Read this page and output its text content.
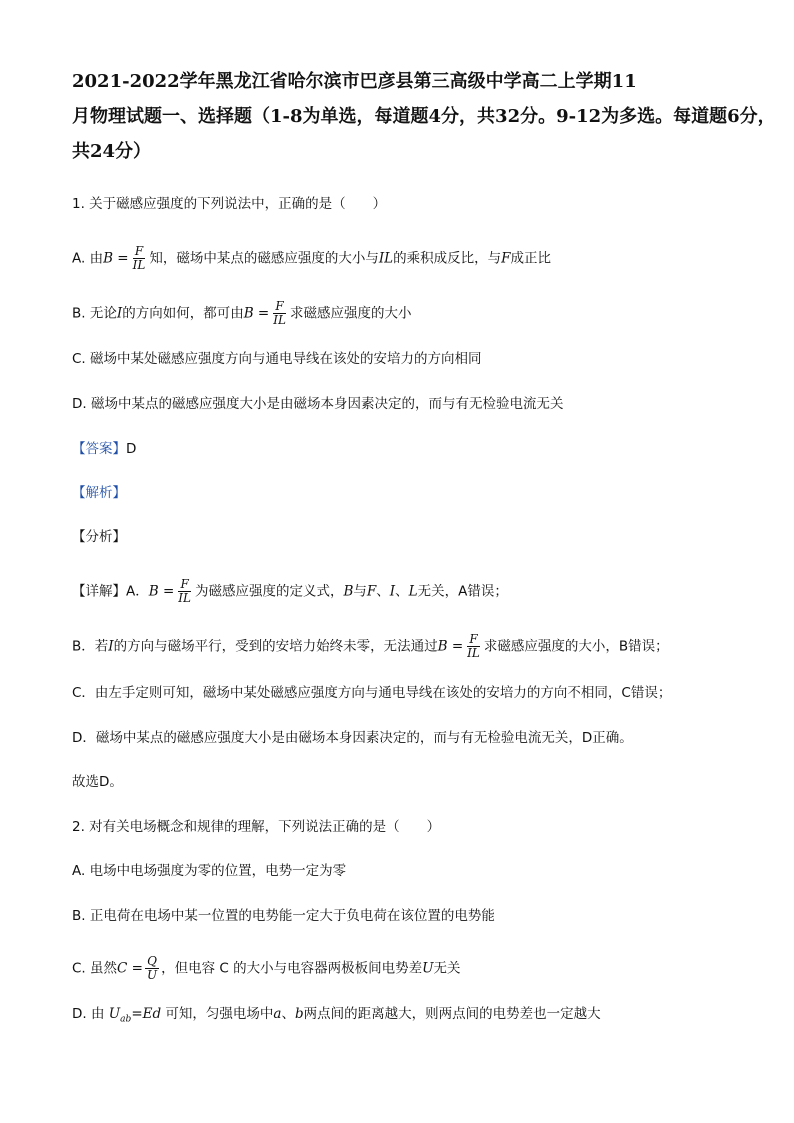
2021-2022学年黑龙江省哈尔滨市巴彦县第三高级中学高二上学期11
月物理试题一、选择题（1-8为单选，每道题4分，共32分。9-12为多选。每道题6分，
共24分）
1. 关于磁感应强度的下列说法中，正确的是（　　）
A. 由$B = \frac{F}{IL}$ 知，磁场中某点的磁感应强度的大小与IL的乘积成反比，与F成正比
B. 无论I的方向如何，都可由$B = \frac{F}{IL}$ 求磁感应强度的大小
C. 磁场中某处磁感应强度方向与通电导线在该处的安培力的方向相同
D. 磁场中某点的磁感应强度大小是由磁场本身因素决定的，而与有无检验电流无关
【答案】D
【解析】
【分析】
【详解】A．$B = \frac{F}{IL}$ 为磁感应强度的定义式，B与F、I、L无关，A错误；
B．若I的方向与磁场平行，受到的安培力始终未零，无法通过$B = \frac{F}{IL}$ 求磁感应强度的大小，B错误；
C．由左手定则可知，磁场中某处磁感应强度方向与通电导线在该处的安培力的方向不相同，C错误；
D．磁场中某点的磁感应强度大小是由磁场本身因素决定的，而与有无检验电流无关，D正确。
故选D。
2. 对有关电场概念和规律的理解，下列说法正确的是（　　）
A. 电场中电场强度为零的位置，电势一定为零
B. 正电荷在电场中某一位置的电势能一定大于负电荷在该位置的电势能
C. 虽然$C = \frac{Q}{U}$ ，但电容 C 的大小与电容器两极板间电势差U无关
D. 由 $U_{ab}=Ed$ 可知，匀强电场中a、b两点间的距离越大，则两点间的电势差也一定越大
